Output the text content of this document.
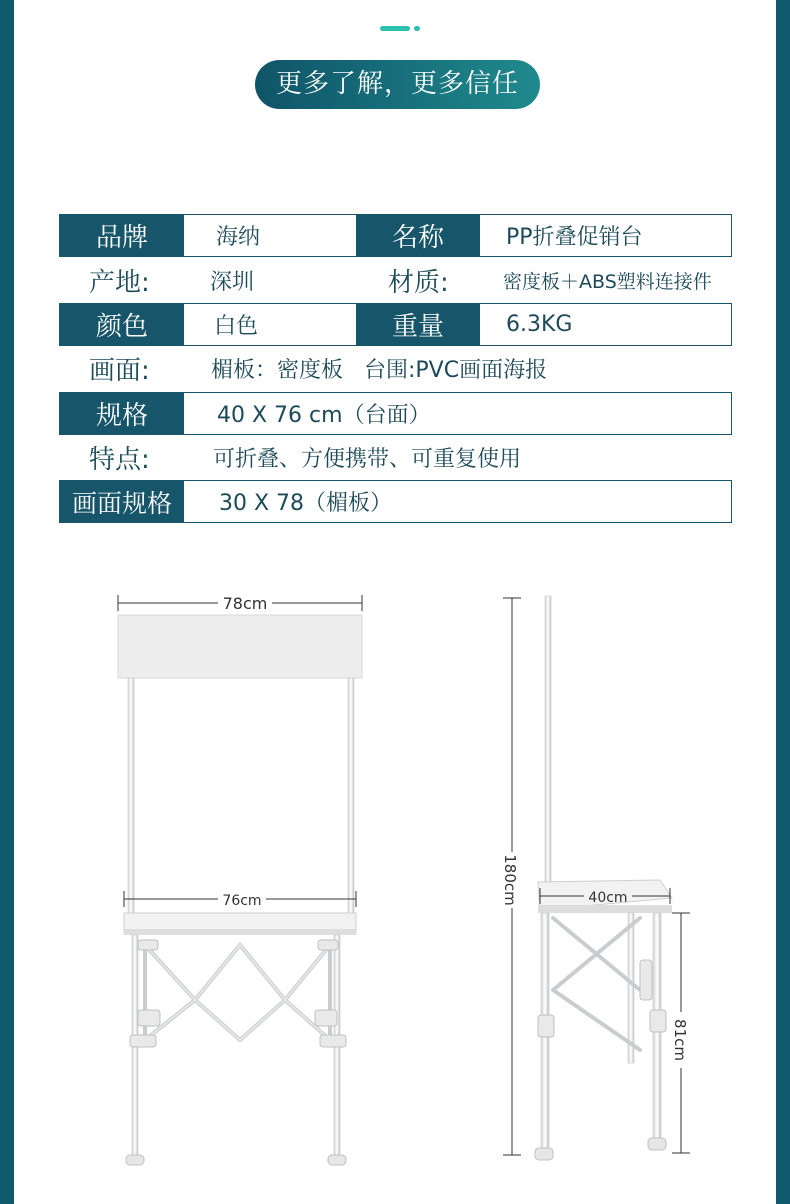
更多了解，更多信任
品牌	海纳	名称	PP折叠促销台
产地:	深圳	材质:	密度板＋ABS塑料连接件
颜色	白色	重量	6.3KG
画面:	楣板：密度板   台围:PVC画面海报
规格	40 X 76 cm（台面）
特点:	可折叠、方便携带、可重复使用
画面规格	30 X 78（楣板）
78cm
76cm	180cm	40cm
81cm
